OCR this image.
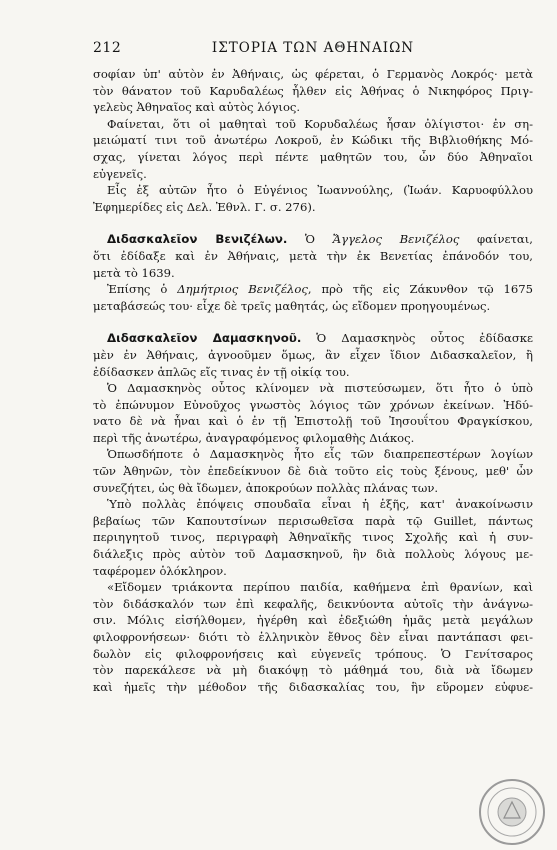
212	ΙΣΤΟΡΙΑ ΤΩΝ ΑΘΗΝΑΙΩΝ

σοφίαν ὑπ' αὐτὸν ἐν Ἀθήναις, ὡς φέρεται, ὁ Γερμανὸς Λοκρός· μετὰ
τὸν θάνατον τοῦ Καρυδαλέως ἦλθεν εἰς Ἀθήνας ὁ Νικηφόρος Πριγ-
γελεὺς Ἀθηναῖος καὶ αὐτὸς λόγιος.

Φαίνεται, ὅτι οἱ μαθηταὶ τοῦ Κορυδαλέως ἦσαν ὀλίγιστοι· ἐν ση-
μειώματί τινι τοῦ ἀνωτέρω Λοκροῦ, ἐν Κώδικι τῆς Βιβλιοθήκης Μό-
σχας, γίνεται λόγος περὶ πέντε μαθητῶν του, ὧν δύο Ἀθηναῖοι
εὐγενεῖς.

Εἷς ἐξ αὐτῶν ἦτο ὁ Εὐγένιος Ἰωαννούλης, (Ἰωάν. Καρυοφύλλου
Ἐφημερίδες εἰς Δελ. Ἐθνλ. Γ. σ. 276).

Διδασκαλεῖον Βενιζέλων. Ὁ Ἄγγελος Βενιζέλος φαίνεται,
ὅτι ἐδίδαξε καὶ ἐν Ἀθήναις, μετὰ τὴν ἐκ Βενετίας ἐπάνοδόν του,
μετὰ τὸ 1639.

Ἐπίσης ὁ Δημήτριος Βενιζέλος, πρὸ τῆς εἰς Ζάκυνθον τῷ 1675
μεταβάσεώς του· εἶχε δὲ τρεῖς μαθητάς, ὡς εἴδομεν προηγουμένως.

Διδασκαλεῖον Δαμασκηνοῦ. Ὁ Δαμασκηνὸς οὗτος ἐδίδασκε
μὲν ἐν Ἀθήναις, ἀγνοοῦμεν ὅμως, ἂν εἶχεν ἴδιον Διδασκαλεῖον, ἢ
ἐδίδασκεν ἁπλῶς εἴς τινας ἐν τῇ οἰκίᾳ του.

Ὁ Δαμασκηνὸς οὗτος κλίνομεν νὰ πιστεύσωμεν, ὅτι ἦτο ὁ ὑπὸ
τὸ ἐπώνυμον Εὐνοῦχος γνωστὸς λόγιος τῶν χρόνων ἐκείνων. Ἠδύ-
νατο δὲ νὰ ἦναι καὶ ὁ ἐν τῇ Ἐπιστολῇ τοῦ Ἰησουΐτου Φραγκίσκου,
περὶ τῆς ἀνωτέρω, ἀναγραφόμενος φιλομαθὴς Διάκος.

Ὁπωσδήποτε ὁ Δαμασκηνὸς ἦτο εἷς τῶν διαπρεπεστέρων λογίων
τῶν Ἀθηνῶν, τὸν ἐπεδείκνυον δὲ διὰ τοῦτο εἰς τοὺς ξένους, μεθ' ὧν
συνεζήτει, ὡς θὰ ἴδωμεν, ἀποκρούων πολλὰς πλάνας των.

Ὑπὸ πολλὰς ἐπόψεις σπουδαῖα εἶναι ἡ ἑξῆς, κατ' ἀνακοίνωσιν
βεβαίως τῶν Καπουτσίνων περισωθεῖσα παρὰ τῷ Guillet, πάντως
περιηγητοῦ τινος, περιγραφὴ Ἀθηναϊκῆς τινος Σχολῆς καὶ ἡ συν-
διάλεξις πρὸς αὐτὸν τοῦ Δαμασκηνοῦ, ἣν διὰ πολλοὺς λόγους με-
ταφέρομεν ὁλόκληρον.

«Εἴδομεν τριάκοντα περίπου παιδία, καθήμενα ἐπὶ θρανίων, καὶ
τὸν διδάσκαλόν των ἐπὶ κεφαλῆς, δεικνύοντα αὐτοῖς τὴν ἀνάγνω-
σιν. Μόλις εἰσήλθομεν, ἠγέρθη καὶ ἐδεξιώθη ἡμᾶς μετὰ μεγάλων
φιλοφρονήσεων· διότι τὸ ἑλληνικὸν ἔθνος δὲν εἶναι παντάπασι φει-
δωλὸν εἰς φιλοφρονήσεις καὶ εὐγενεῖς τρόπους. Ὁ Γενίτσαρος
τὸν παρεκάλεσε νὰ μὴ διακόψῃ τὸ μάθημά του, διὰ νὰ ἴδωμεν
καὶ ἡμεῖς τὴν μέθοδον τῆς διδασκαλίας του, ἣν εὕρομεν εὐφυε-
